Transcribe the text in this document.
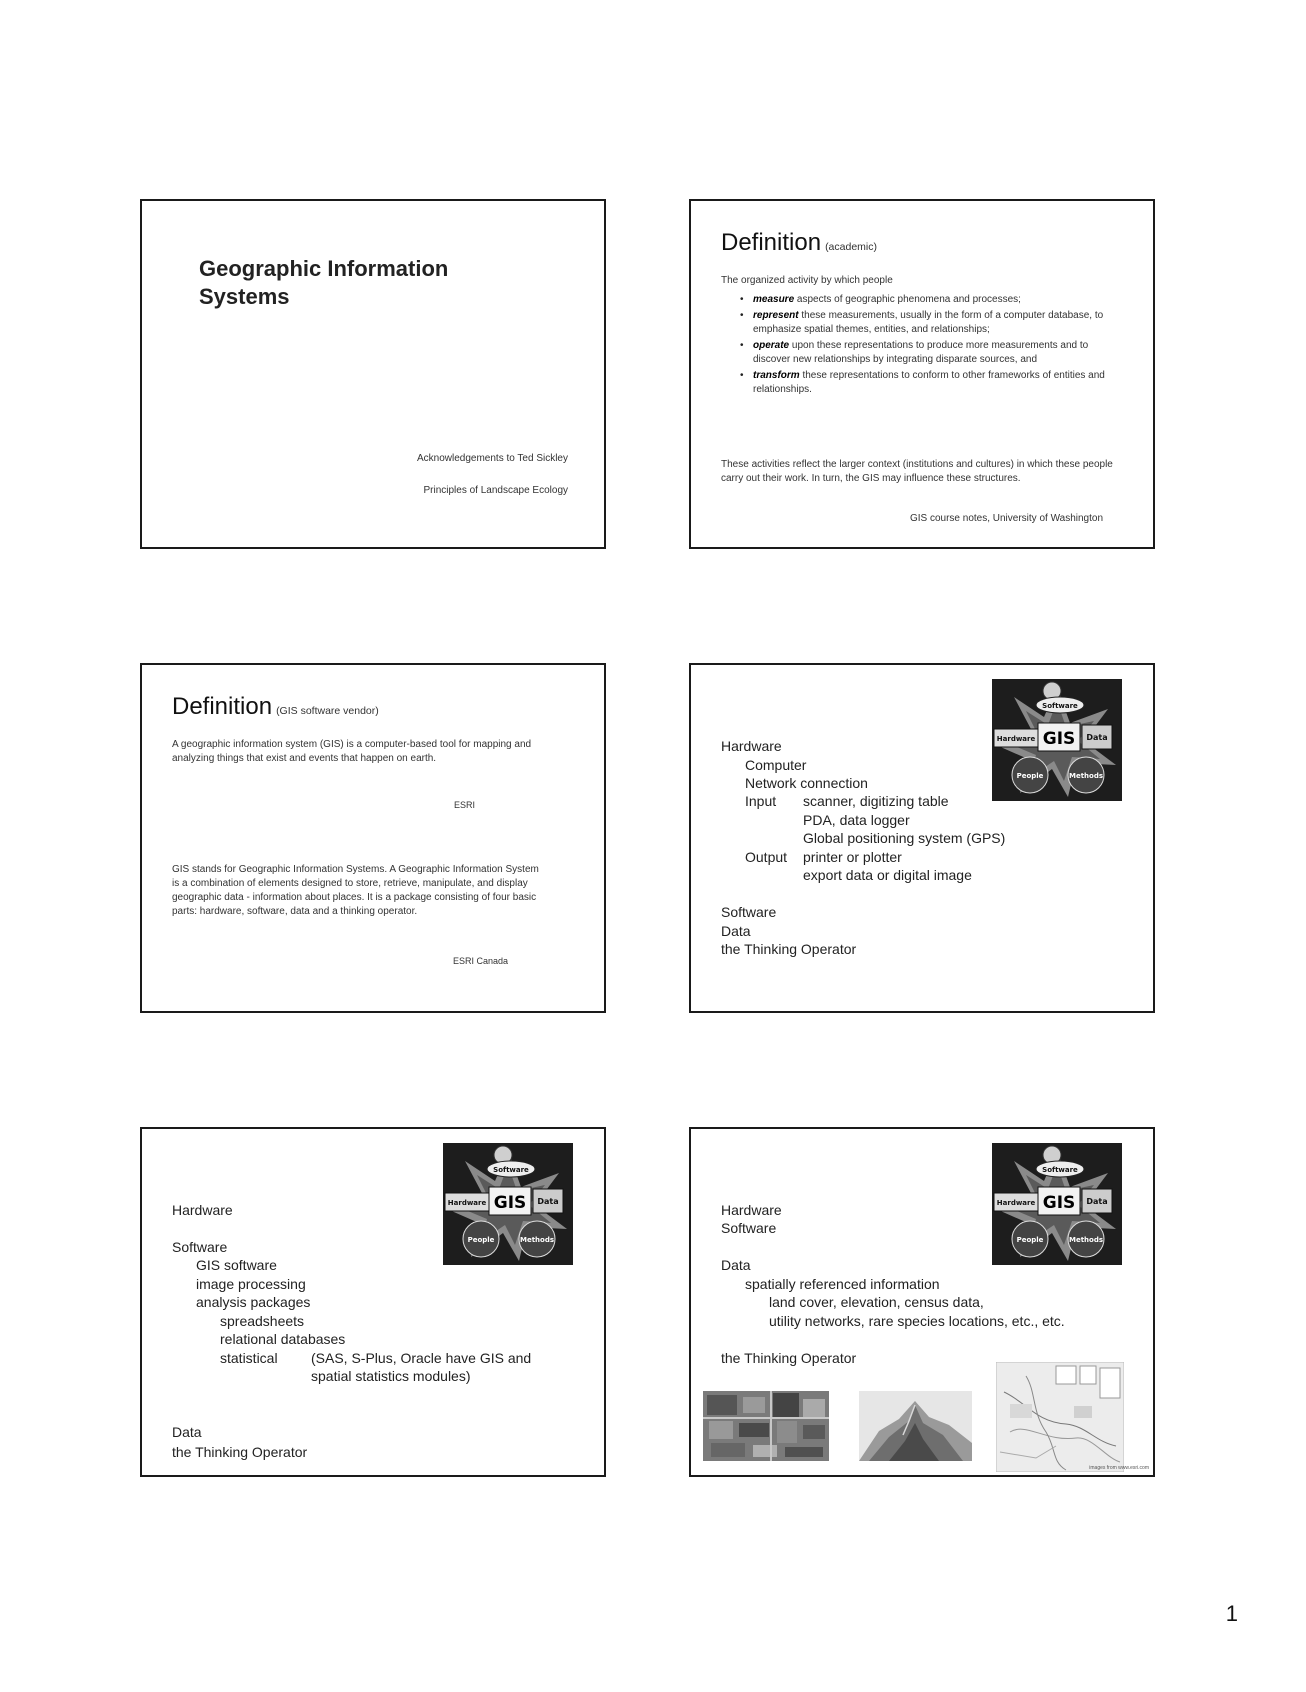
Geographic Information
Systems
Acknowledgements to Ted Sickley
Principles of Landscape Ecology
Definition (academic)
The organized activity by which people
• measure aspects of geographic phenomena and processes;
• represent these measurements, usually in the form of a computer database, to emphasize spatial themes, entities, and relationships;
• operate upon these representations to produce more measurements and to discover new relationships by integrating disparate sources, and
• transform these representations to conform to other frameworks of entities and relationships.
These activities reflect the larger context (institutions and cultures) in which these people carry out their work. In turn, the GIS may influence these structures.
GIS course notes, University of Washington
Definition (GIS software vendor)
A geographic information system (GIS) is a computer-based tool for mapping and analyzing things that exist and events that happen on earth.
ESRI
GIS stands for Geographic Information Systems. A Geographic Information System is a combination of elements designed to store, retrieve, manipulate, and display geographic data - information about places. It is a package consisting of four basic parts: hardware, software, data and a thinking operator.
ESRI Canada
Software
Hardware GIS Data
People	Methods
Hardware
Computer
Network connection
Input scanner, digitizing table
PDA, data logger
Global positioning system (GPS)
Output printer or plotter
export data or digital image
Software
Data
the Thinking Operator
Software
Hardware GIS Data
People	Methods
Hardware
Software
GIS software
image processing
analysis packages
spreadsheets
relational databases
statistical (SAS, S-Plus, Oracle have GIS and
spatial statistics modules)
Data
the Thinking Operator
Software
Hardware GIS Data
People	Methods
Hardware
Software
Data
spatially referenced information
land cover, elevation, census data,
utility networks, rare species locations, etc., etc.
the Thinking Operator
images from www.esri.com
1
